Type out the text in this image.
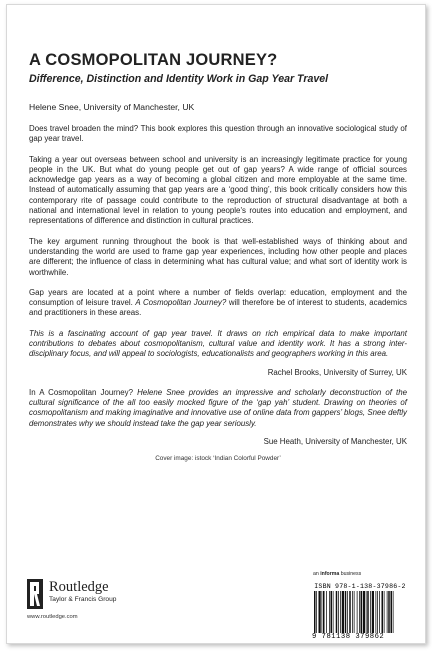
A COSMOPOLITAN JOURNEY?
Difference, Distinction and Identity Work in Gap Year Travel
Helene Snee, University of Manchester, UK

Does travel broaden the mind? This book explores this question through an innovative sociological study of gap year travel.

Taking a year out overseas between school and university is an increasingly legitimate practice for young people in the UK. But what do young people get out of gap years? A wide range of official sources acknowledge gap years as a way of becoming a global citizen and more employable at the same time. Instead of automatically assuming that gap years are a ‘good thing’, this book critically considers how this contemporary rite of passage could contribute to the reproduction of structural disadvantage at both a national and international level in relation to young people's routes into education and employment, and representations of difference and distinction in cultural practices.

The key argument running throughout the book is that well-established ways of thinking about and understanding the world are used to frame gap year experiences, including how other people and places are different; the influence of class in determining what has cultural value; and what sort of identity work is worthwhile.

Gap years are located at a point where a number of fields overlap: education, employment and the consumption of leisure travel. A Cosmopolitan Journey? will therefore be of interest to students, academics and practitioners in these areas.

This is a fascinating account of gap year travel. It draws on rich empirical data to make important contributions to debates about cosmopolitanism, cultural value and identity work. It has a strong inter-disciplinary focus, and will appeal to sociologists, educationalists and geographers working in this area.

Rachel Brooks, University of Surrey, UK

In A Cosmopolitan Journey? Helene Snee provides an impressive and scholarly deconstruction of the cultural significance of the all too easily mocked figure of the ‘gap yah’ student. Drawing on theories of cosmopolitanism and making imaginative and innovative use of online data from gappers’ blogs, Snee deftly demonstrates why we should instead take the gap year seriously.

Sue Heath, University of Manchester, UK
Cover image: istock ‘Indian Colorful Powder’
an informa business
ISBN 978-1-138-37986-2
9 781138 379862
Routledge
Taylor & Francis Group
www.routledge.com
